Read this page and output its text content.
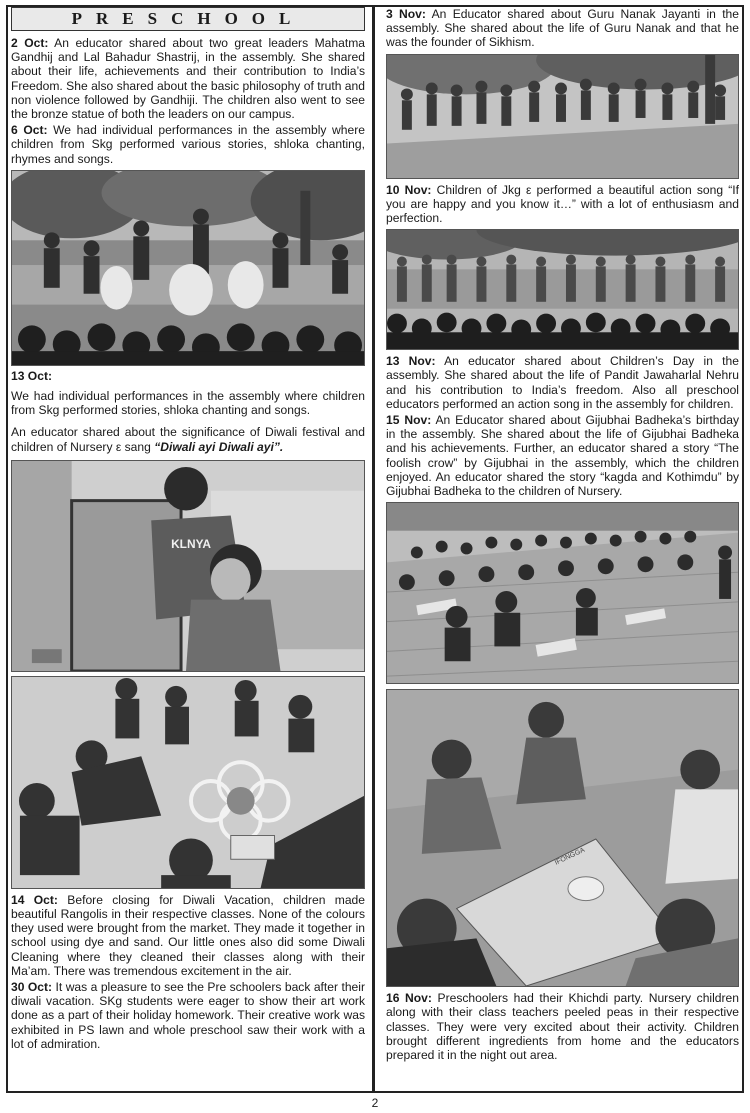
PRESCHOOL

2 Oct: An educator shared about two great leaders Mahatma Gandhij and Lal Bahadur Shastrij, in the assembly. She shared about their life, achievements and their contribution to India’s Freedom. She also shared about the basic philosophy of truth and non violence followed by Gandhiji. The children also went to see the bronze statue of both the leaders on our campus.

6 Oct: We had individual performances in the assembly where children from Skg performed various stories, shloka chanting, rhymes and songs.

13 Oct:

We had individual performances in the assembly where children from Skg performed stories, shloka chanting and songs.

An educator shared about the significance of Diwali festival and children of Nursery ε sang “Diwali ayi Diwali ayi”.

KLNYA

14 Oct: Before closing for Diwali Vacation, children made beautiful Rangolis in their respective classes. None of the colours they used were brought from the market. They made it together in school using dye and sand. Our little ones also did some Diwali Cleaning where they cleaned their classes along with their Ma’am. There was tremendous excitement in the air.

30 Oct: It was a pleasure to see the Pre schoolers back after their diwali vacation. SKg students were eager to show their art work done as a part of their holiday homework. Their creative work was exhibited in PS lawn and whole preschool saw their work with a lot of admiration.

3 Nov: An Educator shared about Guru Nanak Jayanti in the assembly. She shared about the life of Guru Nanak and that he was the founder of Sikhism.

10 Nov: Children of Jkg ε performed a beautiful action song “If you are happy and you know it…” with a lot of enthusiasm and perfection.

13 Nov: An educator shared about Children’s Day in the assembly. She shared about the life of Pandit Jawaharlal Nehru and his contribution to India’s freedom. Also all preschool educators performed an action song in the assembly for children.

15 Nov: An Educator shared about Gijubhai Badheka’s birthday in the assembly. She shared about the life of Gijubhai Badheka and his achievements. Further, an educator shared a story “The foolish crow” by Gijubhai in the assembly, which the children enjoyed. An educator shared the story “kagda and Kothimdu” by Gijubhai Badheka to the children of Nursery.

IFONGGA

16 Nov: Preschoolers had their Khichdi party. Nursery children along with their class teachers peeled peas in their respective classes. They were very excited about their activity. Children brought different ingredients from home and the educators prepared it in the night out area.

2
